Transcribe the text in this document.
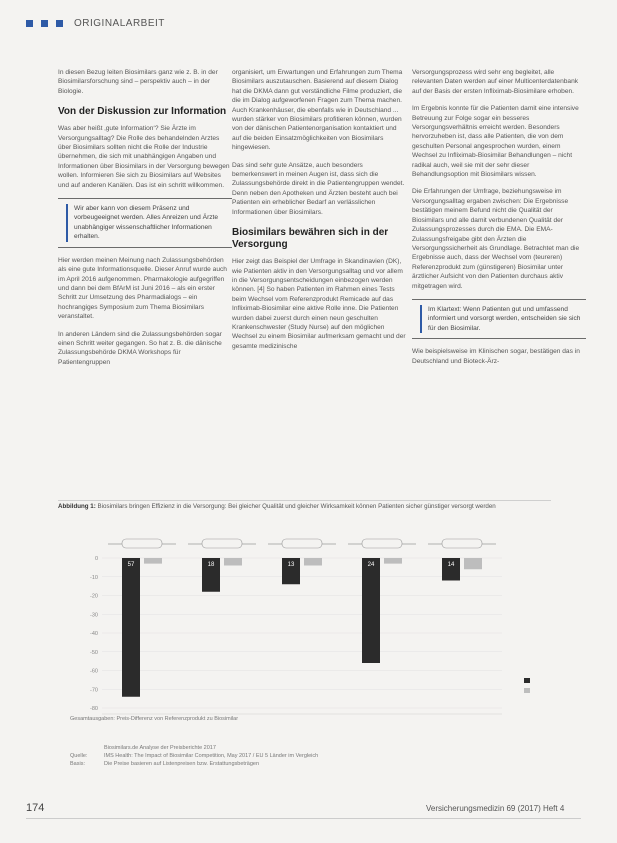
ORIGINALARBEIT

In diesen Bezug leiten Biosimilars ganz wie z. B. in der Biosimilarsforschung sind – perspektiv auch – in der Biologie.

Von der Diskussion zur Information

Was aber heißt ‚gute Information‘? Sie Ärzte im Versorgungsalltag? Die Rolle des behandelnden Arztes über Biosimilars sollten nicht die Rolle der Industrie übernehmen, die sich mit unabhängigen Angaben und Informationen über Biosimilars in der Versorgung bewegen wollen. Informieren Sie sich zu Biosimilars auf Websites und auf anderen Kanälen. Das ist ein schritt willkommen.

Wir aber kann von diesem Präsenz und vorbeugeeignet werden. Alles Anreizen und Ärzte unabhängiger wissenschaftlicher Informationen erhalten.

Hier werden meinen Meinung nach Zulassungsbehörden als eine gute Informationsquelle. Dieser Anruf wurde auch im April 2016 aufgenommen. Pharmakologie aufgegriffen und dann bei dem BfArM ist Juni 2016 – als ein erster Schritt zur Umsetzung des Pharmadialogs – ein hochrangiges Symposium zum Thema Biosimilars veranstaltet.

In anderen Ländern sind die Zulassungsbehörden sogar einen Schritt weiter gegangen. So hat z. B. die dänische Zulassungsbehörde DKMA Workshops für Patientengruppen

organisiert, um Erwartungen und Erfahrungen zum Thema Biosimilars auszutauschen. Basierend auf diesem Dialog hat die DKMA dann gut verständliche Filme produziert, die die im Dialog aufgeworfenen Fragen zum Thema machen. Auch Krankenhäuser, die ebenfalls wie in Deutschland ... wurden stärker von Biosimilars profitieren können, wurden von der dänischen Patientenorganisation kontaktiert und auf die beiden Einsatzmöglichkeiten von Biosimilars hingewiesen.

Das sind sehr gute Ansätze, auch besonders bemerkenswert in meinen Augen ist, dass sich die Zulassungsbehörde direkt in die Patientengruppen wendet. Denn neben den Apotheken und Ärzten besteht auch bei Patienten ein erheblicher Bedarf an verlässlichen Informationen über Biosimilars.

Biosimilars bewähren sich in der Versorgung

Hier zeigt das Beispiel der Umfrage in Skandinavien (DK), wie Patienten aktiv in den Versorgungsalltag und vor allem in die Versorgungsentscheidungen einbezogen werden können. [4] So haben Patienten im Rahmen eines Tests beim Wechsel vom Referenzprodukt Remicade auf das Infliximab-Biosimilar eine aktive Rolle inne. Die Patienten wurden dabei zuerst durch einen neun geschulten Krankenschwester (Study Nurse) auf den möglichen Wechsel zu einem Biosimilar aufmerksam gemacht und der gesamte medizinische

Versorgungsprozess wird sehr eng begleitet, alle relevanten Daten werden auf einer Multicenterdatenbank auf der Basis der ersten Infliximab-Biosimilare erhoben.

Im Ergebnis konnte für die Patienten damit eine intensive Betreuung zur Folge sogar ein besseres Versorgungsverhältnis erreicht werden. Besonders hervorzuheben ist, dass alle Patienten, die von dem geschulten Personal angesprochen wurden, einem Wechsel zu Infliximab-Biosimilar Behandlungen – nicht radikal auch, weil sie mit der sehr dieser Behandlungsoption mit Biosimilars wissen.

Die Erfahrungen der Umfrage, beziehungsweise im Versorgungsalltag ergaben zwischen: Die Ergebnisse bestätigen meinem Befund nicht die Qualität der Biosimilars und alle damit verbundenen Qualität der Zulassungsprozesses durch die EMA. Die EMA-Zulassungsfreigabe gibt den Ärzten die Versorgungssicherheit als Grundlage. Betrachtet man die Ergebnisse auch, dass der Wechsel vom (teureren) Referenzprodukt zum (günstigeren) Biosimilar unter ärztlicher Aufsicht von den Patienten durchaus aktiv mitgetragen wird.

Im Klartext: Wenn Patienten gut und umfassend informiert und vorsorgt werden, entscheiden sie sich für den Biosimilar.

Wie beispielsweise im Klinischen sogar, bestätigen das in Deutschland und Bioteck-Ärz-

Abbildung 1: Biosimilars bringen Effizienz in die Versorgung: Bei gleicher Qualität und gleicher Wirksamkeit können Patienten sicher günstiger versorgt werden
0
-10
-20
-30
-40
-50
-60
-70
-80
57	18	13	24	14
Gesamtausgaben: Preis-Differenz von Referenzprodukt zu Biosimilar
Biosimilars.de Analyse der Preisberichte 2017
Quelle:	IMS Health: The Impact of Biosimilar Competition, May 2017 / EU 5 Länder im Vergleich
Basis:	Die Preise basieren auf Listenpreisen bzw. Erstattungsbeträgen
174	Versicherungsmedizin 69 (2017) Heft 4
